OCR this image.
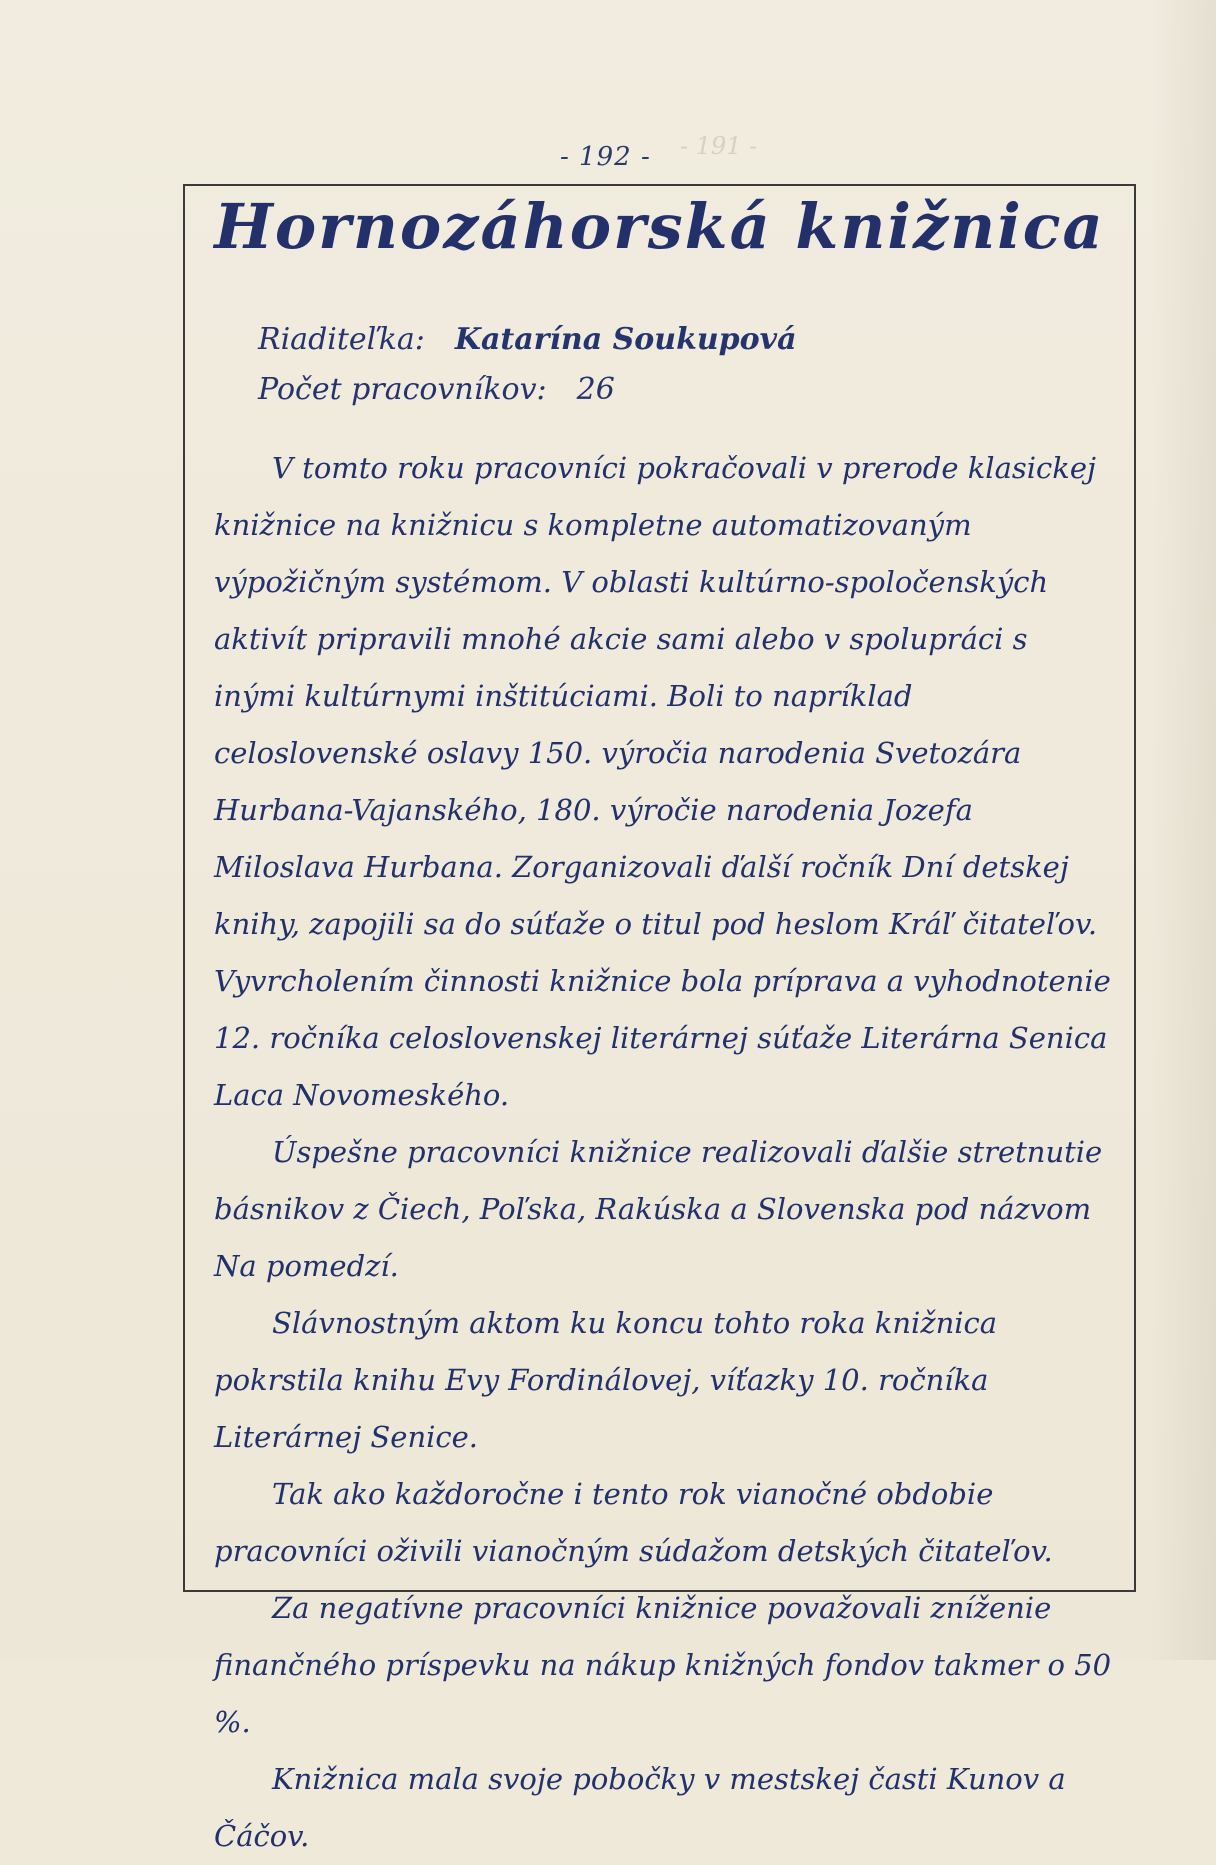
- 191 -
- 192 -
Hornozáhorská knižnica
Riaditeľka: Katarína Soukupová
Počet pracovníkov: 26

V tomto roku pracovníci pokračovali v prerode klasickej knižnice na knižnicu s kompletne automatizovaným výpožičným systémom. V oblasti kultúrno-spoločenských aktivít pripravili mnohé akcie sami alebo v spolupráci s inými kultúrnymi inštitúciami. Boli to napríklad celoslovenské oslavy 150. výročia narodenia Svetozára Hurbana-Vajanského, 180. výročie narodenia Jozefa Miloslava Hurbana. Zorganizovali ďalší ročník Dní detskej knihy, zapojili sa do súťaže o titul pod heslom Kráľ čitateľov. Vyvrcholením činnosti knižnice bola príprava a vyhodnotenie 12. ročníka celoslovenskej literárnej súťaže Literárna Senica Laca Novomeského.

Úspešne pracovníci knižnice realizovali ďalšie stretnutie básnikov z Čiech, Poľska, Rakúska a Slovenska pod názvom Na pomedzí.

Slávnostným aktom ku koncu tohto roka knižnica pokrstila knihu Evy Fordinálovej, víťazky 10. ročníka Literárnej Senice.

Tak ako každoročne i tento rok vianočné obdobie pracovníci oživili vianočným súdažom detských čitateľov.

Za negatívne pracovníci knižnice považovali zníženie finančného príspevku na nákup knižných fondov takmer o 50 %.

Knižnica mala svoje pobočky v mestskej časti Kunov a Čáčov.
